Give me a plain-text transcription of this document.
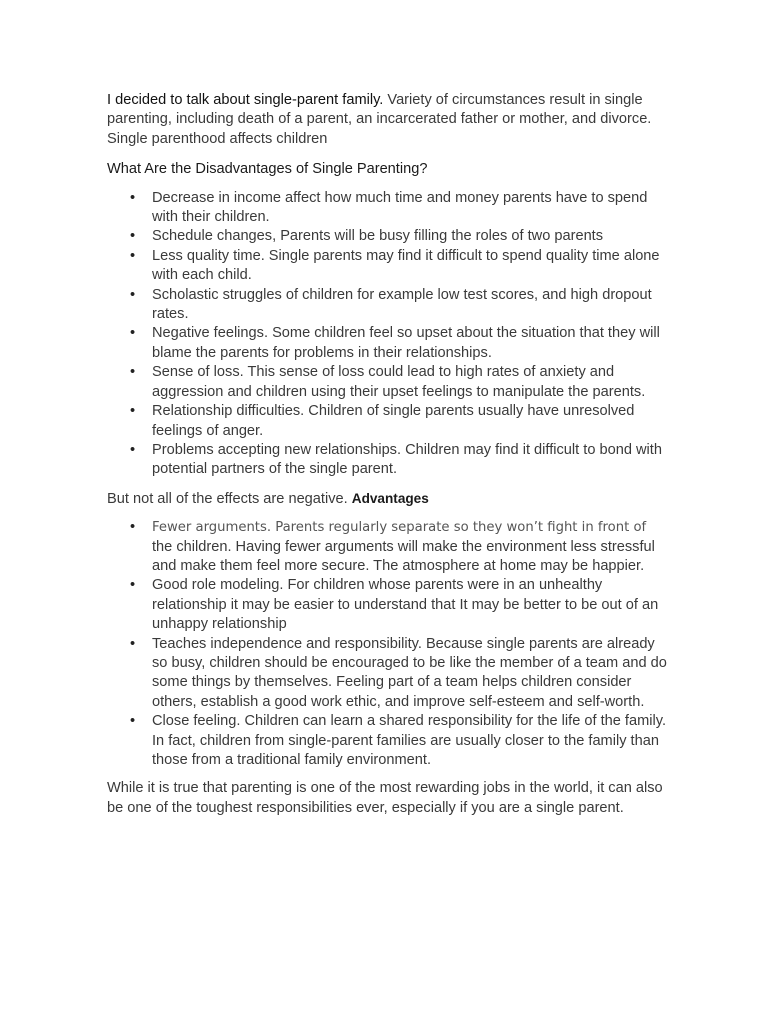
I decided to talk about single-parent family. Variety of circumstances result in single parenting, including death of a parent, an incarcerated father or mother, and divorce. Single parenthood affects children

What Are the Disadvantages of Single Parenting?

• Decrease in income affect how much time and money parents have to spend with their children.
• Schedule changes, Parents will be busy filling the roles of two parents
• Less quality time. Single parents may find it difficult to spend quality time alone with each child.
• Scholastic struggles of children for example low test scores, and high dropout rates.
• Negative feelings. Some children feel so upset about the situation that they will blame the parents for problems in their relationships.
• Sense of loss. This sense of loss could lead to high rates of anxiety and aggression and children using their upset feelings to manipulate the parents.
• Relationship difficulties. Children of single parents usually have unresolved feelings of anger.
• Problems accepting new relationships. Children may find it difficult to bond with potential partners of the single parent.

But not all of the effects are negative. Advantages

• Fewer arguments. Parents regularly separate so they won’t fight in front of the children. Having fewer arguments will make the environment less stressful and make them feel more secure. The atmosphere at home may be happier.
• Good role modeling. For children whose parents were in an unhealthy relationship it may be easier to understand that It may be better to be out of an unhappy relationship
• Teaches independence and responsibility. Because single parents are already so busy, children should be encouraged to be like the member of a team and do some things by themselves. Feeling part of a team helps children consider others, establish a good work ethic, and improve self-esteem and self-worth.
• Close feeling. Children can learn a shared responsibility for the life of the family. In fact, children from single-parent families are usually closer to the family than those from a traditional family environment.

While it is true that parenting is one of the most rewarding jobs in the world, it can also be one of the toughest responsibilities ever, especially if you are a single parent.
